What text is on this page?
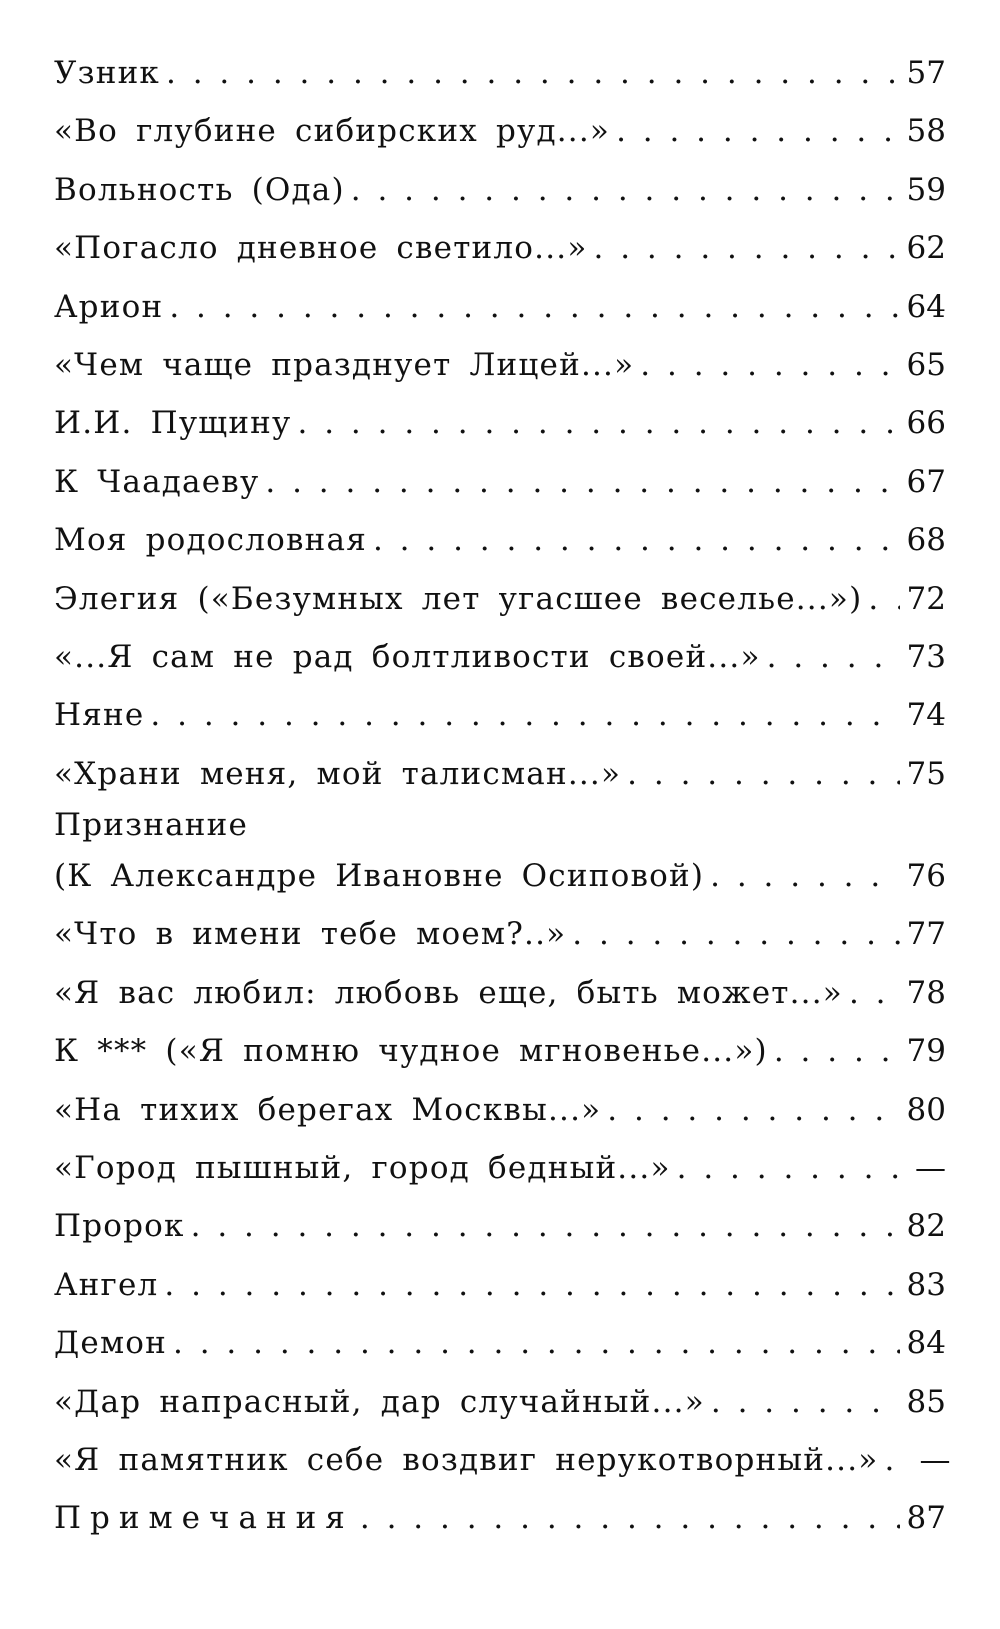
Узник . . .	57
«Во глубине сибирских руд...» . . .	58
Вольность (Ода) . . .	59
«Погасло дневное светило...» . . .	62
Арион . . .	64
«Чем чаще празднует Лицей...» . . .	65
И.И. Пущину . . .	66
К Чаадаеву . . .	67
Моя родословная . . .	68
Элегия («Безумных лет угасшее веселье...») . . . 72
«...Я сам не рад болтливости своей...» . . .	73
Няне . . .	74
«Храни меня, мой талисман...» . . .	75
Признание
(К Александре Ивановне Осиповой) . . .	76
«Что в имени тебе моем?..» . . .	77
«Я вас любил: любовь еще, быть может...» . . . 78
К *** («Я помню чудное мгновенье...») . . .	79
«На тихих берегах Москвы...» . . .	80
«Город пышный, город бедный...» . . .	—
Пророк . . .	82
Ангел . . .	83
Демон . . .	84
«Дар напрасный, дар случайный...» . . .	85
«Я памятник себе воздвиг нерукотворный...» . . . —
Примечания . . .	87
